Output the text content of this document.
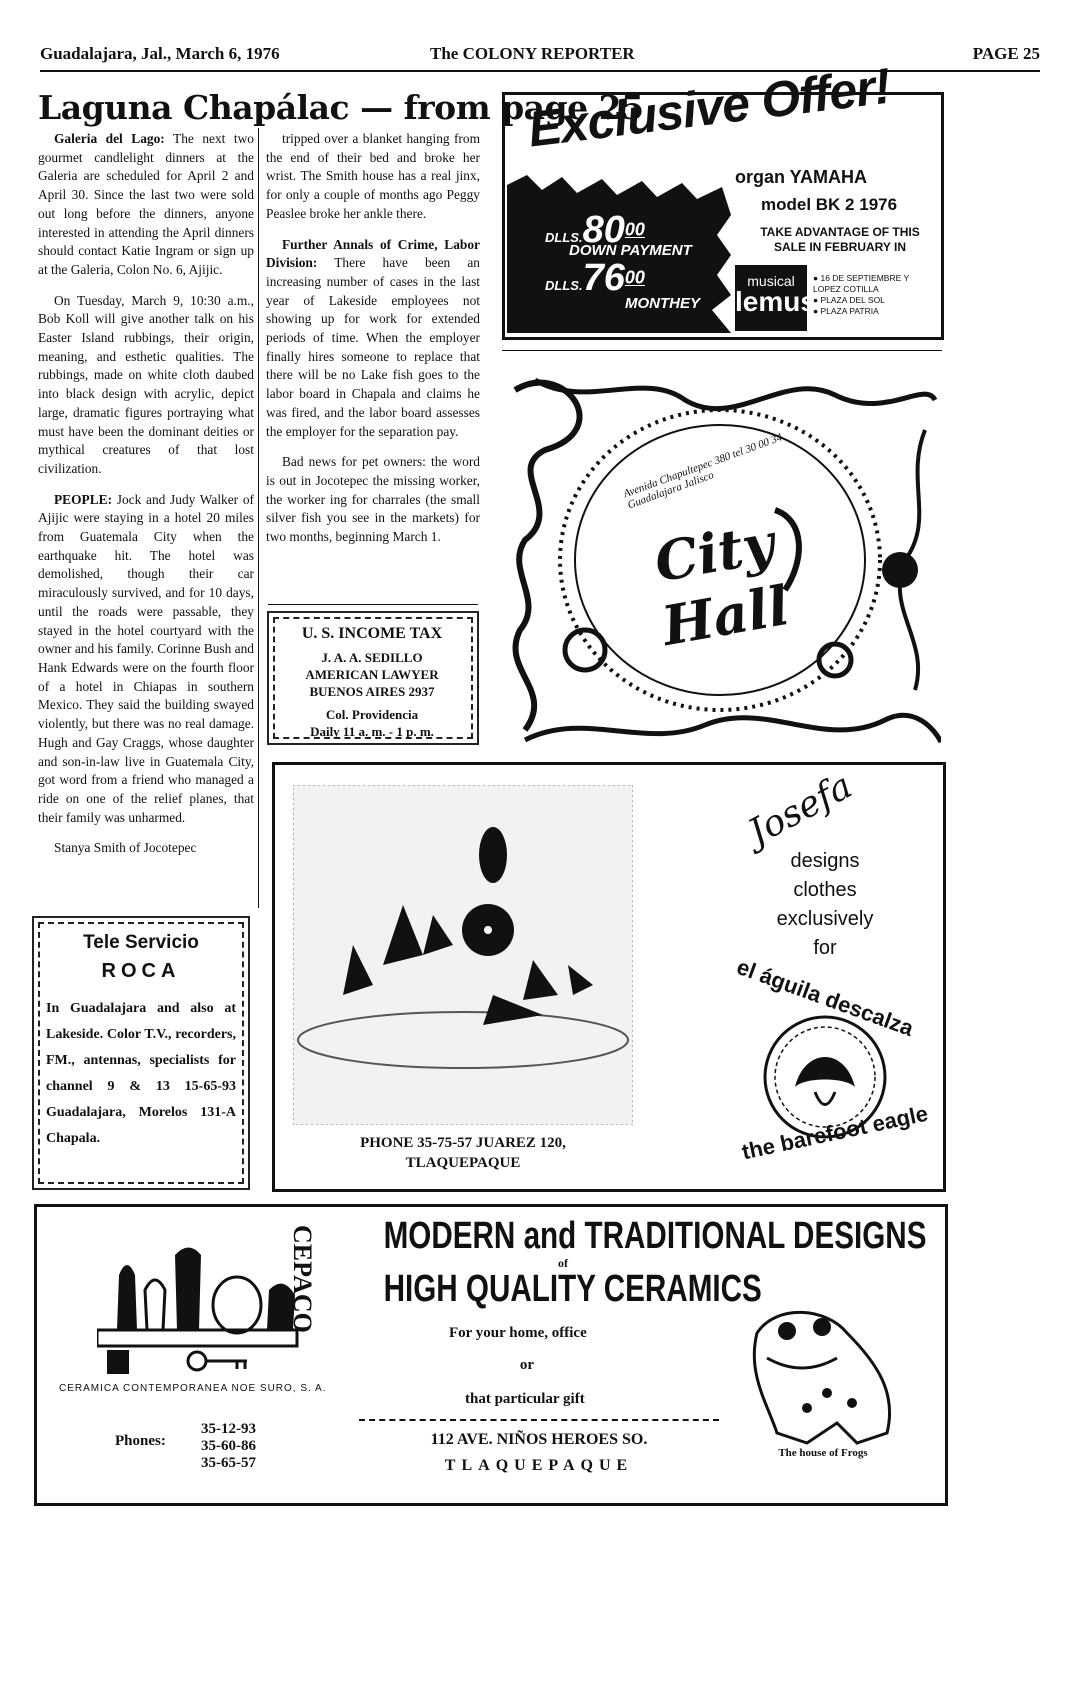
Guadalajara, Jal., March 6, 1976	The COLONY REPORTER	PAGE 25
Laguna Chapálac — from page 25

Galeria del Lago: The next two gourmet candlelight dinners at the Galeria are scheduled for April 2 and April 30. Since the last two were sold out long before the dinners, anyone interested in attending the April dinners should contact Katie Ingram or sign up at the Galeria, Colon No. 6, Ajijic.

On Tuesday, March 9, 10:30 a.m., Bob Koll will give another talk on his Easter Island rubbings, their origin, meaning, and esthetic qualities. The rubbings, made on white cloth daubed into black design with acrylic, depict large, dramatic figures portraying what must have been the dominant deities or mythical creatures of that lost civilization.

PEOPLE: Jock and Judy Walker of Ajijic were staying in a hotel 20 miles from Guatemala City when the earthquake hit. The hotel was demolished, though their car miraculously survived, and for 10 days, until the roads were passable, they stayed in the hotel courtyard with the owner and his family. Corinne Bush and Hank Edwards were on the fourth floor of a hotel in Chiapas in southern Mexico. They said the building swayed violently, but there was no real damage. Hugh and Gay Craggs, whose daughter and son-in-law live in Guatemala City, got word from a friend who managed a ride on one of the relief planes, that their family was unharmed.

Stanya Smith of Jocotepec

tripped over a blanket hanging from the end of their bed and broke her wrist. The Smith house has a real jinx, for only a couple of months ago Peggy Peaslee broke her ankle there.

Further Annals of Crime, Labor Division: There have been an increasing number of cases in the last year of Lakeside employees not showing up for work for extended periods of time. When the employer finally hires someone to replace that there will be no Lake fish goes to the labor board in Chapala and claims he was fired, and the labor board assesses the employer for the separation pay.

Bad news for pet owners: the word is out in Jocotepec the missing worker, the worker ing for charrales (the small silver fish you see in the markets) for two months, beginning March 1.

U. S. INCOME TAX
J. A. A. SEDILLO
AMERICAN LAWYER
BUENOS AIRES 2937
Col. Providencia
Daily 11 a. m. - 1 p. m.
Tele Servicio
ROCA
In Guadalajara and also at Lakeside. Color T.V., recorders, FM., antennas, specialists for channel 9 & 13 15-65-93 Guadalajara, Morelos 131-A Chapala.
Exclusive Offer!
$DLLS.80^{00}$
DOWN PAYMENT
$DLLS.76^{00}$
MONTHEY
organ YAMAHA
model BK 2 1976
TAKE ADVANTAGE OF THIS
SALE IN FEBRUARY IN
musical
lemus
● 16 DE SEPTIEMBRE Y LOPEZ COTILLA
● PLAZA DEL SOL
● PLAZA PATRIA
Avenida Chapultepec 380 tel 30 00 34 Guadalajara Jalisco
City Hall
PHONE 35-75-57 JUAREZ 120,
TLAQUEPAQUE
Josefa
designs
clothes
exclusively
for
el águila descalza
the barefoot eagle
CEPACO
CERAMICA CONTEMPORANEA NOE SURO, S. A.
Phones:
35-12-93
35-60-86
35-65-57
MODERN and TRADITIONAL DESIGNS
of
HIGH QUALITY CERAMICS
For your home, office
or
that particular gift
112 AVE. NIÑOS HEROES SO.
TLAQUEPAQUE
The house of Frogs
